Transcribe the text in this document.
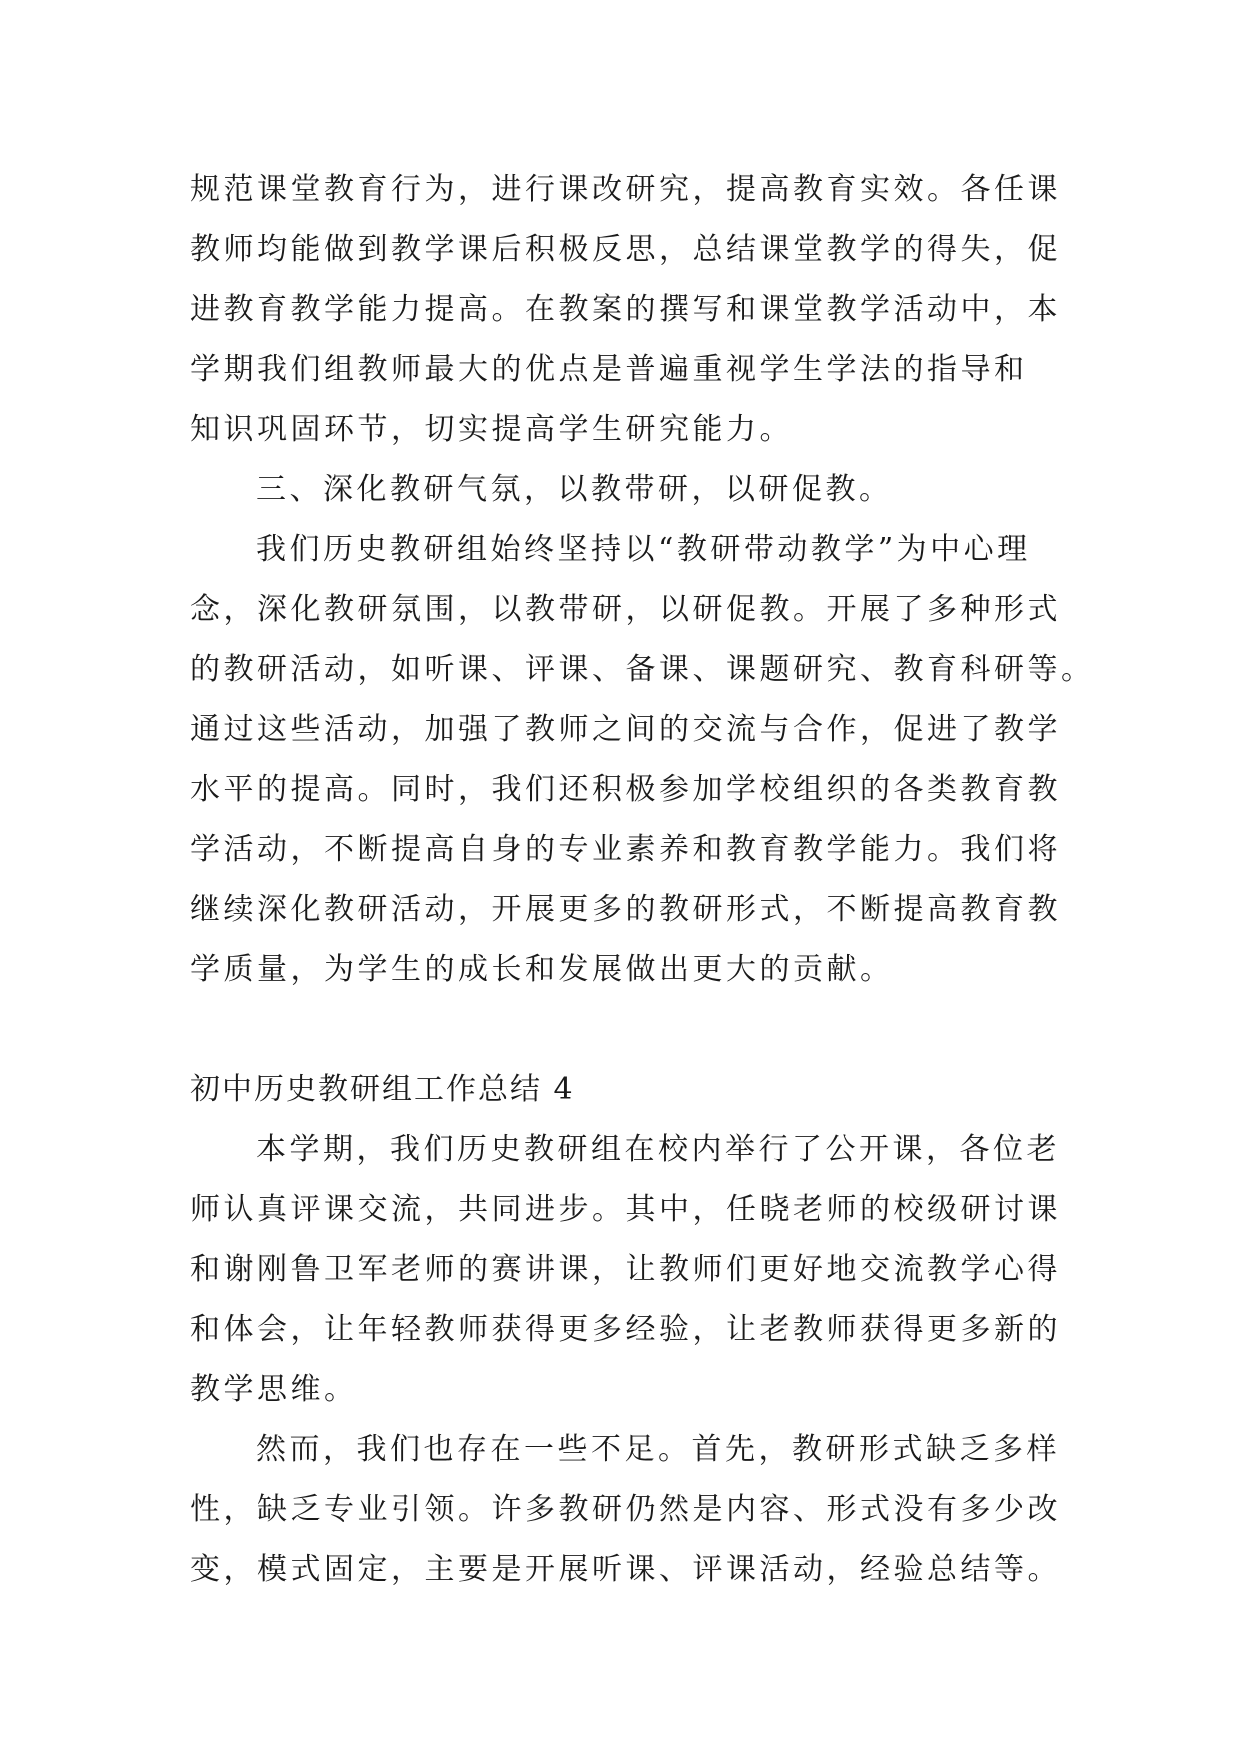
规范课堂教育行为，进行课改研究，提高教育实效。各任课
教师均能做到教学课后积极反思，总结课堂教学的得失，促
进教育教学能力提高。在教案的撰写和课堂教学活动中，本
学期我们组教师最大的优点是普遍重视学生学法的指导和
知识巩固环节，切实提高学生研究能力。
三、深化教研气氛，以教带研，以研促教。
我们历史教研组始终坚持以“教研带动教学”为中心理
念，深化教研氛围，以教带研，以研促教。开展了多种形式
的教研活动，如听课、评课、备课、课题研究、教育科研等。
通过这些活动，加强了教师之间的交流与合作，促进了教学
水平的提高。同时，我们还积极参加学校组织的各类教育教
学活动，不断提高自身的专业素养和教育教学能力。我们将
继续深化教研活动，开展更多的教研形式，不断提高教育教
学质量，为学生的成长和发展做出更大的贡献。
初中历史教研组工作总结 4
本学期，我们历史教研组在校内举行了公开课，各位老
师认真评课交流，共同进步。其中，任晓老师的校级研讨课
和谢刚鲁卫军老师的赛讲课，让教师们更好地交流教学心得
和体会，让年轻教师获得更多经验，让老教师获得更多新的
教学思维。
然而，我们也存在一些不足。首先，教研形式缺乏多样
性，缺乏专业引领。许多教研仍然是内容、形式没有多少改
变，模式固定，主要是开展听课、评课活动，经验总结等。
